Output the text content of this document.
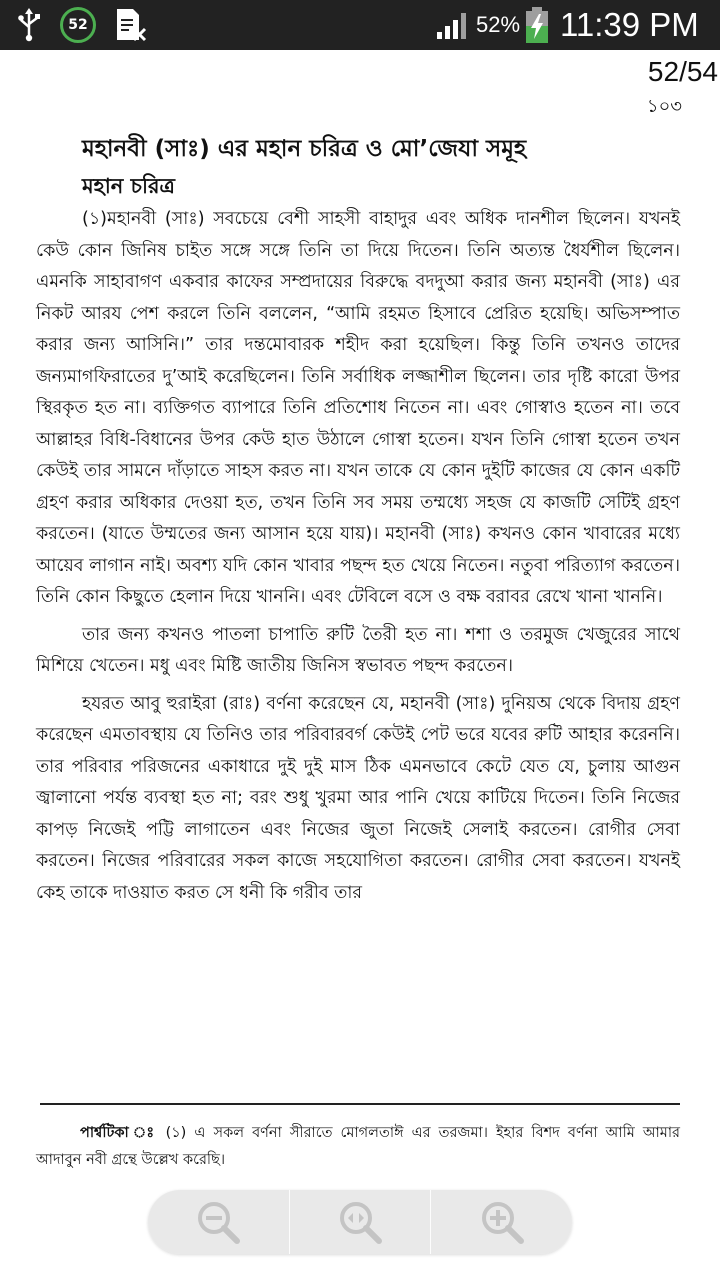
52	52% 11:39 PM
52/54
১০৩
মহানবী (সাঃ) এর মহান চরিত্র ও মো’জেযা সমূহ
মহান চরিত্র

(১)মহানবী (সাঃ) সবচেয়ে বেশী সাহসী বাহাদুর এবং অধিক দানশীল ছিলেন। যখনই কেউ কোন জিনিষ চাইত সঙ্গে সঙ্গে তিনি তা দিয়ে দিতেন। তিনি অত্যন্ত ধৈর্যশীল ছিলেন। এমনকি সাহাবাগণ একবার কাফের সম্প্রদায়ের বিরুদ্ধে বদদুআ করার জন্য মহানবী (সাঃ) এর নিকট আরয পেশ করলে তিনি বললেন, “আমি রহমত হিসাবে প্রেরিত হয়েছি। অভিসম্পাত করার জন্য আসিনি।” তার দন্তমোবারক শহীদ করা হয়েছিল। কিন্তু তিনি তখনও তাদের জন্যমাগফিরাতের দু’আই করেছিলেন। তিনি সর্বাধিক লজ্জাশীল ছিলেন। তার দৃষ্টি কারো উপর স্থিরকৃত হত না। ব্যক্তিগত ব্যাপারে তিনি প্রতিশোধ নিতেন না। এবং গোস্বাও হতেন না। তবে আল্লাহর বিধি-বিধানের উপর কেউ হাত উঠালে গোস্বা হতেন। যখন তিনি গোস্বা হতেন তখন কেউই তার সামনে দাঁড়াতে সাহস করত না। যখন তাকে যে কোন দুইটি কাজের যে কোন একটি গ্রহণ করার অধিকার দেওয়া হত, তখন তিনি সব সময় তম্মধ্যে সহজ যে কাজটি সেটিই গ্রহণ করতেন। (যাতে উম্মতের জন্য আসান হয়ে যায়)। মহানবী (সাঃ) কখনও কোন খাবারের মধ্যে আয়েব লাগান নাই। অবশ্য যদি কোন খাবার পছন্দ হত খেয়ে নিতেন। নতুবা পরিত্যাগ করতেন। তিনি কোন কিছুতে হেলান দিয়ে খাননি। এবং টেবিলে বসে ও বক্ষ বরাবর রেখে খানা খাননি।

তার জন্য কখনও পাতলা চাপাতি রুটি তৈরী হত না। শশা ও তরমুজ খেজুরের সাথে মিশিয়ে খেতেন। মধু এবং মিষ্টি জাতীয় জিনিস স্বভাবত পছন্দ করতেন।

হযরত আবু হুরাইরা (রাঃ) বর্ণনা করেছেন যে, মহানবী (সাঃ) দুনিয়অ থেকে বিদায় গ্রহণ করেছেন এমতাবস্থায় যে তিনিও তার পরিবারবর্গ কেউই পেট ভরে যবের রুটি আহার করেননি। তার পরিবার পরিজনের একাধারে দুই দুই মাস ঠিক এমনভাবে কেটে যেত যে, চুলায় আগুন জ্বালানো পর্যন্ত ব্যবস্থা হত না; বরং শুধু খুরমা আর পানি খেয়ে কাটিয়ে দিতেন। তিনি নিজের কাপড় নিজেই পট্টি লাগাতেন এবং নিজের জুতা নিজেই সেলাই করতেন। রোগীর সেবা করতেন। নিজের পরিবারের সকল কাজে সহযোগিতা করতেন। রোগীর সেবা করতেন। যখনই কেহ তাকে দাওয়াত করত সে ধনী কি গরীব তার

পার্শ্বটিকা ঃ (১) এ সকল বর্ণনা সীরাতে মোগলতাঈ এর তরজমা। ইহার বিশদ বর্ণনা আমি আমার আদাবুন নবী গ্রন্থে উল্লেখ করেছি।
